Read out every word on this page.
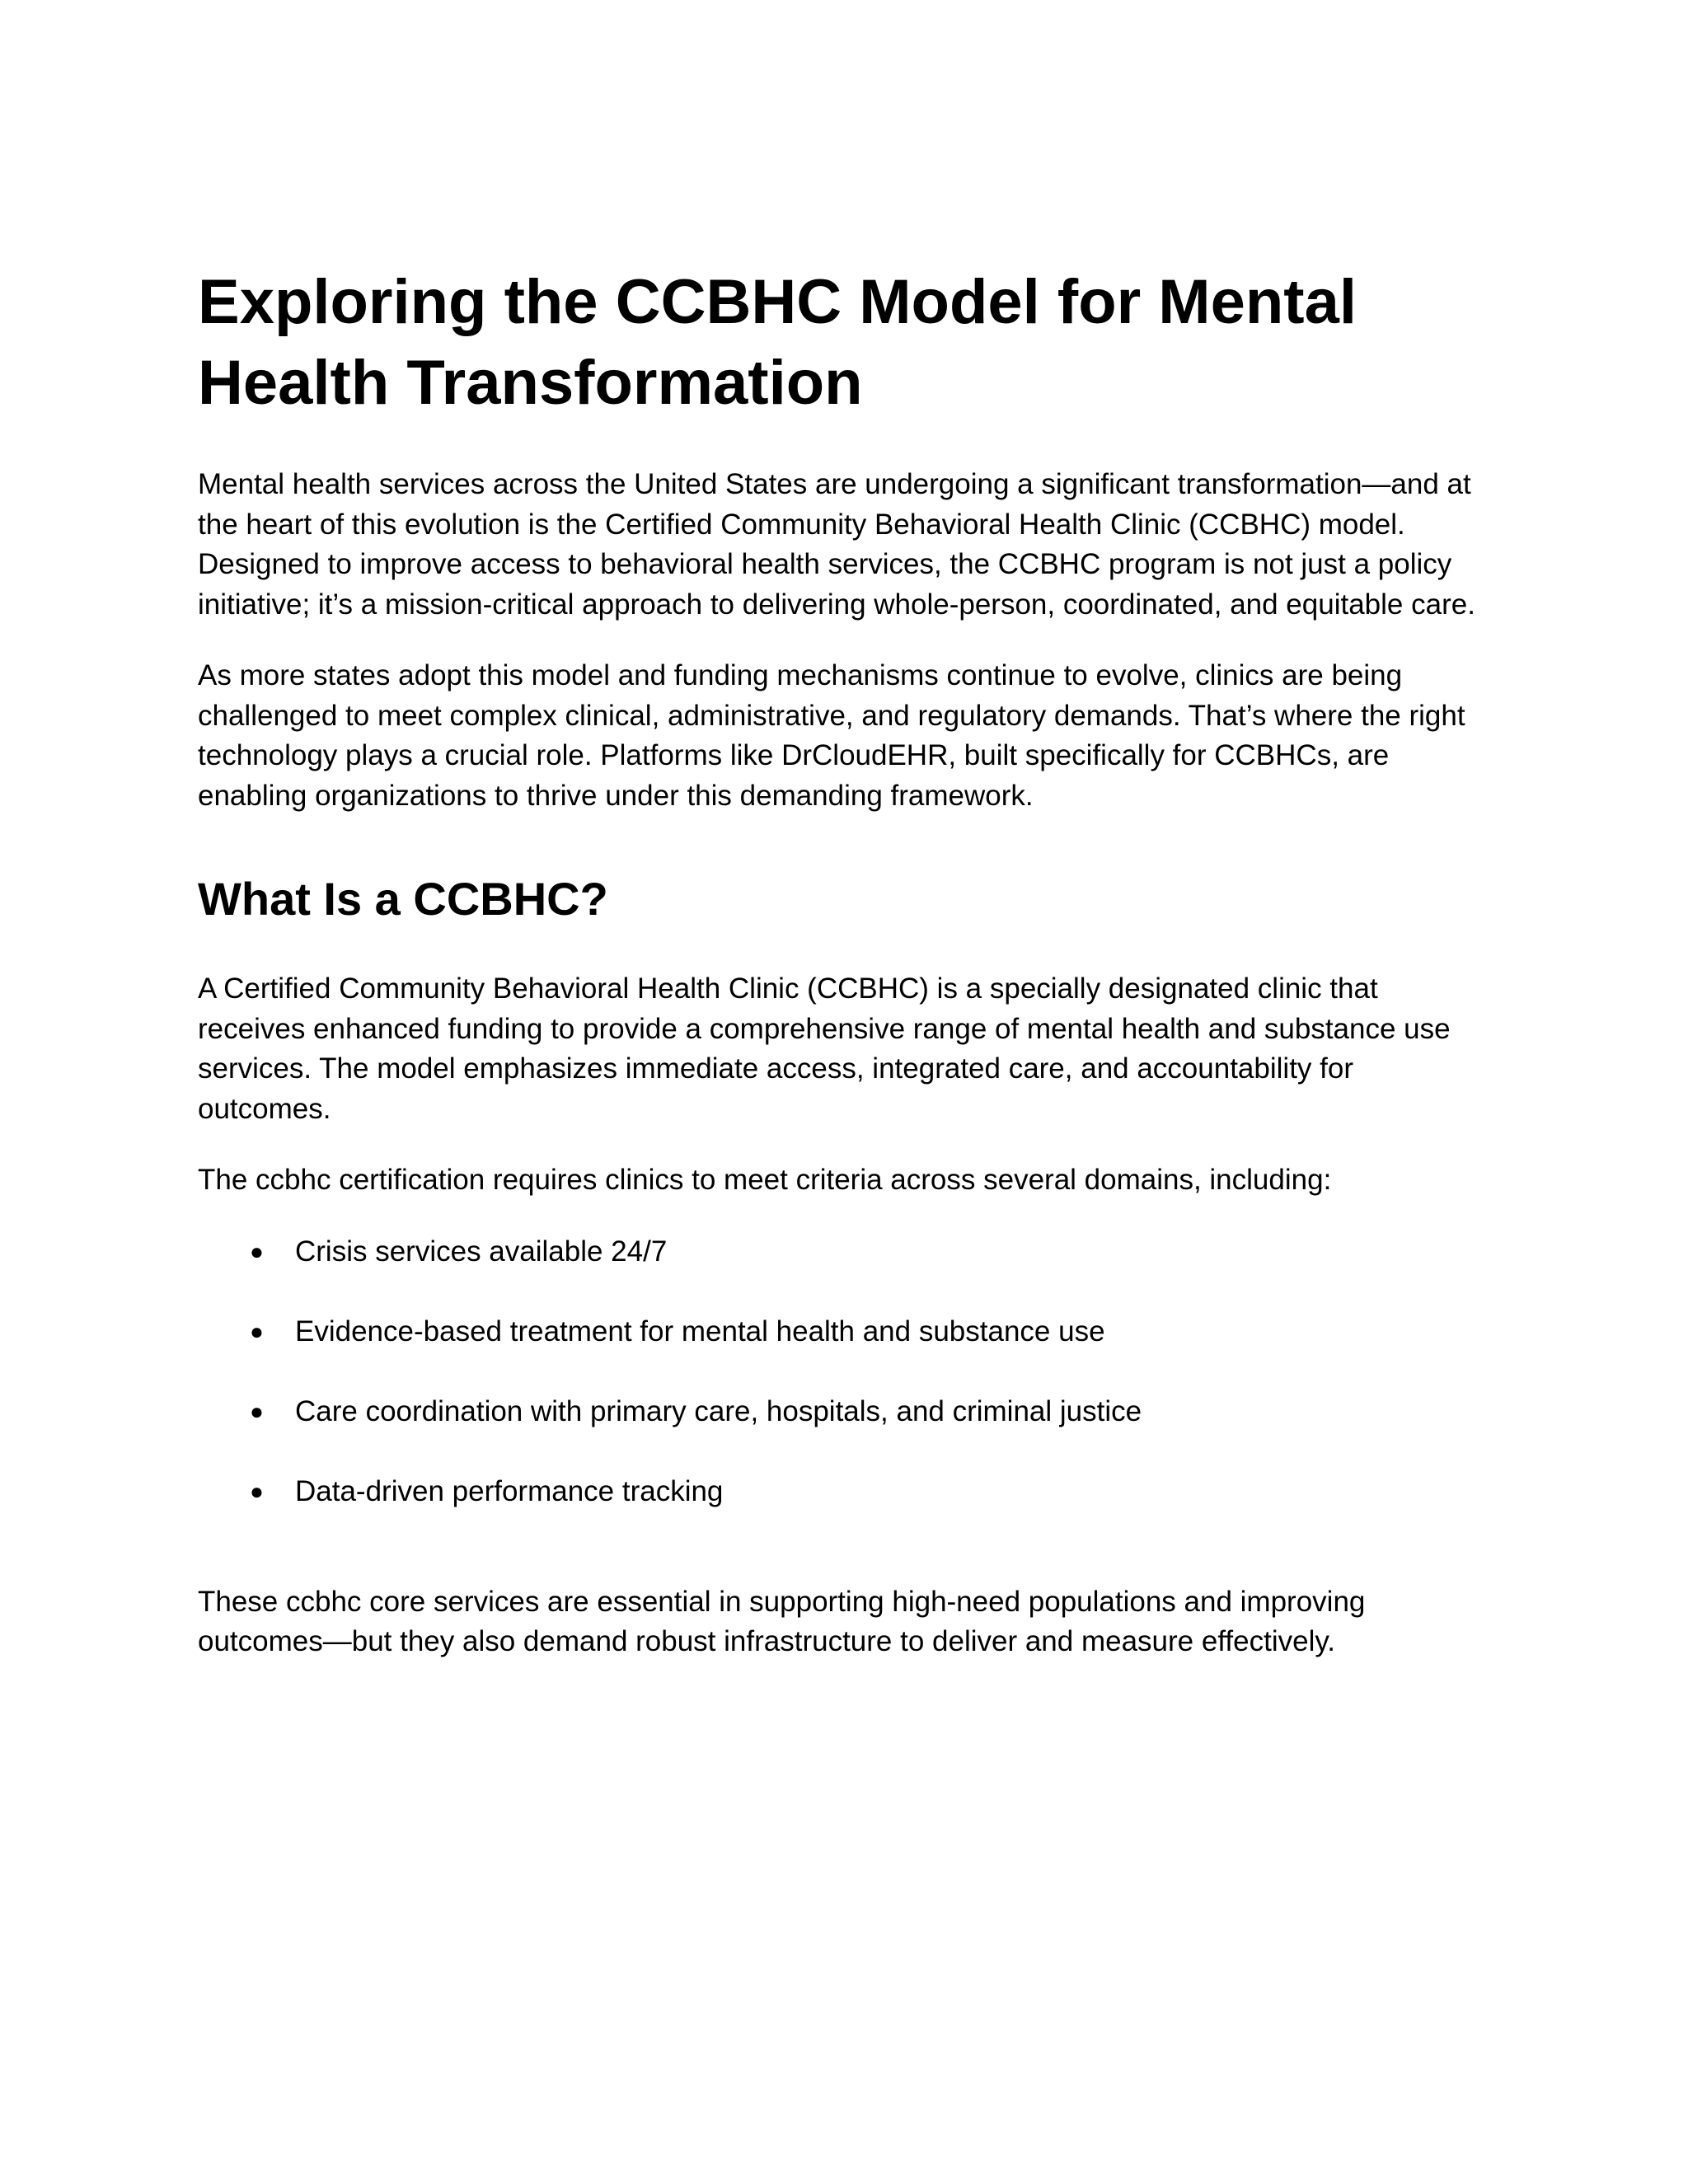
Exploring the CCBHC Model for Mental Health Transformation

Mental health services across the United States are undergoing a significant transformation—and at the heart of this evolution is the Certified Community Behavioral Health Clinic (CCBHC) model. Designed to improve access to behavioral health services, the CCBHC program is not just a policy initiative; it’s a mission-critical approach to delivering whole-person, coordinated, and equitable care.

As more states adopt this model and funding mechanisms continue to evolve, clinics are being challenged to meet complex clinical, administrative, and regulatory demands. That’s where the right technology plays a crucial role. Platforms like DrCloudEHR, built specifically for CCBHCs, are enabling organizations to thrive under this demanding framework.

What Is a CCBHC?

A Certified Community Behavioral Health Clinic (CCBHC) is a specially designated clinic that receives enhanced funding to provide a comprehensive range of mental health and substance use services. The model emphasizes immediate access, integrated care, and accountability for outcomes.

The ccbhc certification requires clinics to meet criteria across several domains, including:

● Crisis services available 24/7
● Evidence-based treatment for mental health and substance use
● Care coordination with primary care, hospitals, and criminal justice
● Data-driven performance tracking

These ccbhc core services are essential in supporting high-need populations and improving outcomes—but they also demand robust infrastructure to deliver and measure effectively.
